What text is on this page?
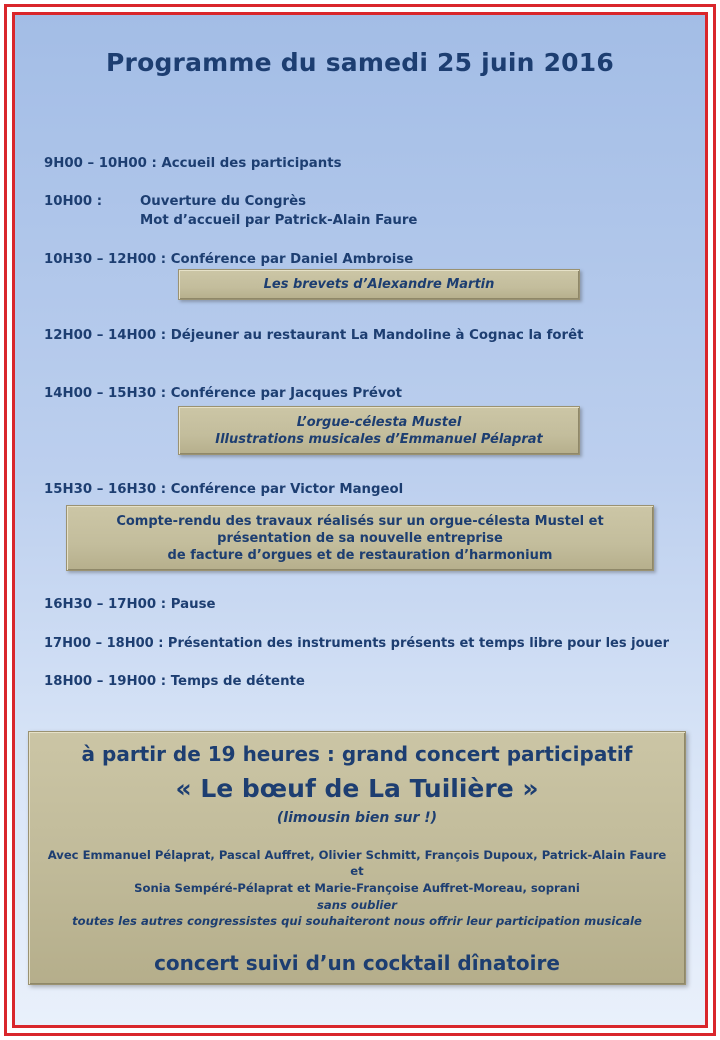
Programme du samedi 25 juin 2016
9H00 – 10H00 : Accueil des participants
10H00 :	Ouverture du Congrès
Mot d’accueil par Patrick-Alain Faure
10H30 – 12H00 : Conférence par Daniel Ambroise
Les brevets d’Alexandre Martin
12H00 – 14H00 : Déjeuner au restaurant La Mandoline à Cognac la forêt
14H00 – 15H30 : Conférence par Jacques Prévot
L’orgue-célesta Mustel
Illustrations musicales d’Emmanuel Pélaprat
15H30 – 16H30 : Conférence par Victor Mangeol
Compte-rendu des travaux réalisés sur un orgue-célesta Mustel et
présentation de sa nouvelle entreprise
de facture d’orgues et de restauration d’harmonium
16H30 – 17H00 : Pause
17H00 – 18H00 : Présentation des instruments présents et temps libre pour les jouer
18H00 – 19H00 : Temps de détente
à partir de 19 heures : grand concert participatif
« Le bœuf de La Tuilière »
(limousin bien sur !)
Avec Emmanuel Pélaprat, Pascal Auffret, Olivier Schmitt, François Dupoux, Patrick-Alain Faure
et
Sonia Sempéré-Pélaprat et Marie-Françoise Auffret-Moreau, soprani
sans oublier
toutes les autres congressistes qui souhaiteront nous offrir leur participation musicale
concert suivi d’un cocktail dînatoire
